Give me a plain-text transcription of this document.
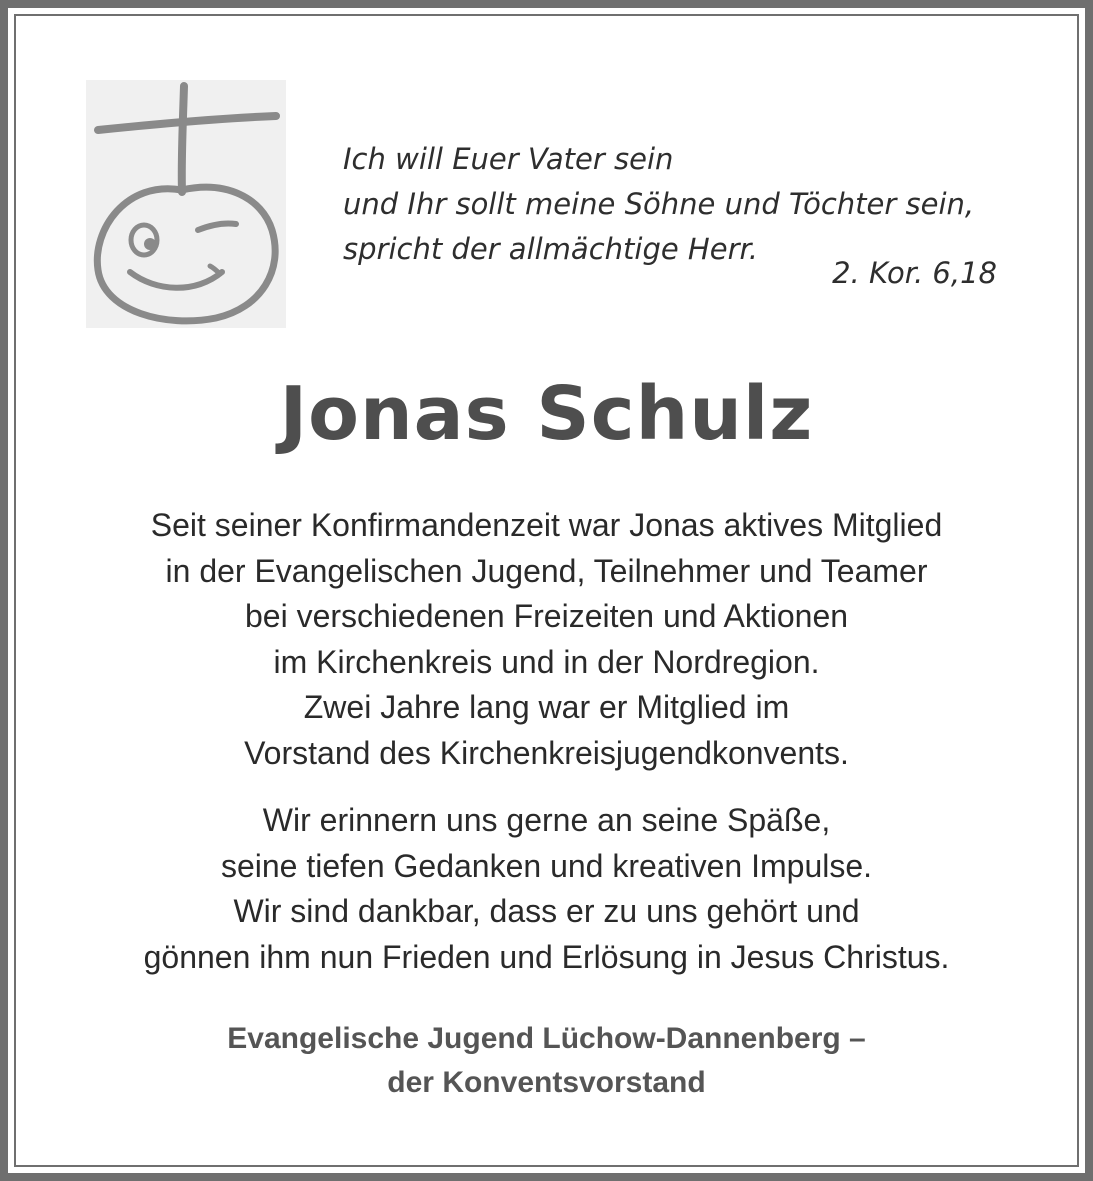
Ich will Euer Vater sein
und Ihr sollt meine Söhne und Töchter sein,
spricht der allmächtige Herr.
2. Kor. 6,18
Jonas Schulz
Seit seiner Konfirmandenzeit war Jonas aktives Mitglied
in der Evangelischen Jugend, Teilnehmer und Teamer
bei verschiedenen Freizeiten und Aktionen
im Kirchenkreis und in der Nordregion.
Zwei Jahre lang war er Mitglied im
Vorstand des Kirchenkreisjugendkonvents.
Wir erinnern uns gerne an seine Späße,
seine tiefen Gedanken und kreativen Impulse.
Wir sind dankbar, dass er zu uns gehört und
gönnen ihm nun Frieden und Erlösung in Jesus Christus.
Evangelische Jugend Lüchow-Dannenberg –
der Konventsvorstand
